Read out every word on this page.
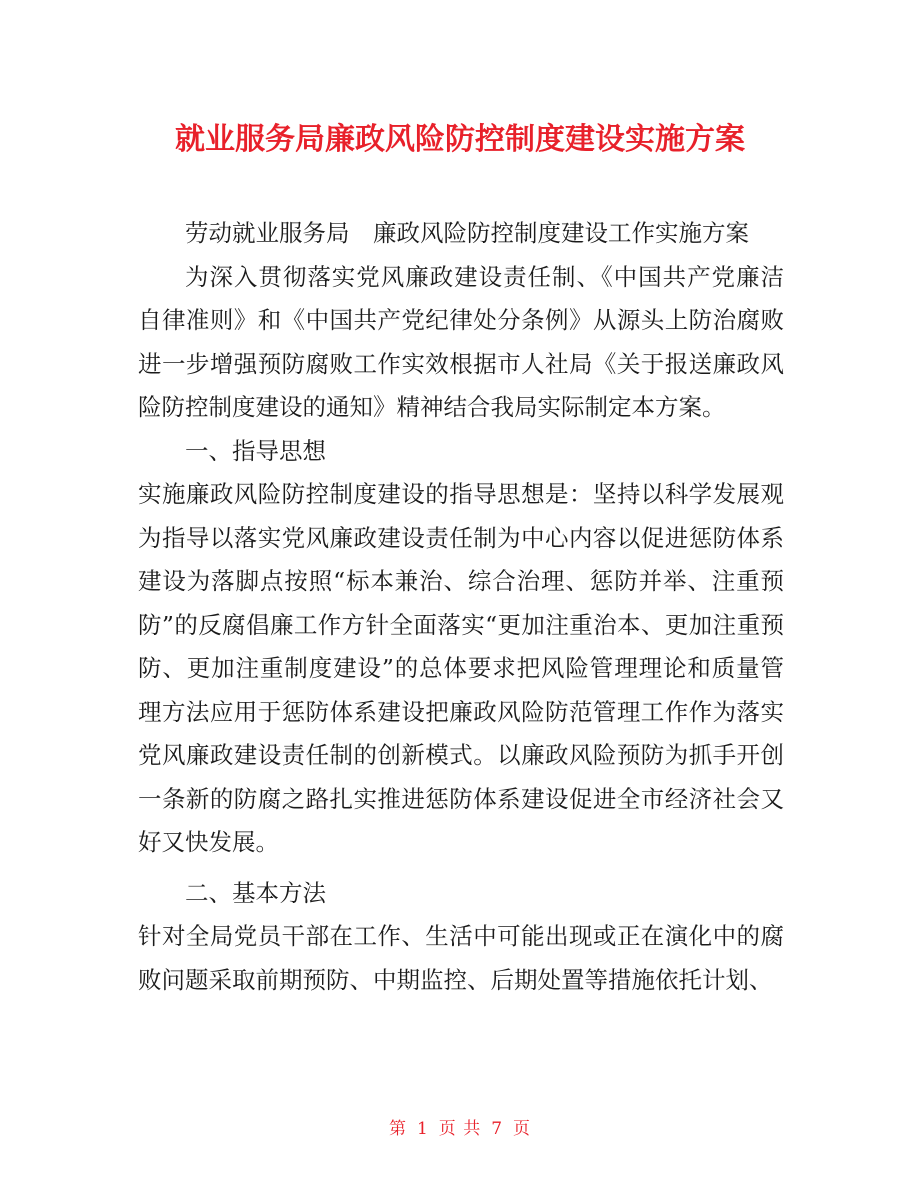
就业服务局廉政风险防控制度建设实施方案

劳动就业服务局　廉政风险防控制度建设工作实施方案

为深入贯彻落实党风廉政建设责任制、《中国共产党廉洁自律准则》和《中国共产党纪律处分条例》从源头上防治腐败进一步增强预防腐败工作实效根据市人社局《关于报送廉政风险防控制度建设的通知》精神结合我局实际制定本方案。

一、指导思想

实施廉政风险防控制度建设的指导思想是：坚持以科学发展观为指导以落实党风廉政建设责任制为中心内容以促进惩防体系建设为落脚点按照“标本兼治、综合治理、惩防并举、注重预防”的反腐倡廉工作方针全面落实“更加注重治本、更加注重预防、更加注重制度建设”的总体要求把风险管理理论和质量管理方法应用于惩防体系建设把廉政风险防范管理工作作为落实党风廉政建设责任制的创新模式。以廉政风险预防为抓手开创一条新的防腐之路扎实推进惩防体系建设促进全市经济社会又好又快发展。

二、基本方法

针对全局党员干部在工作、生活中可能出现或正在演化中的腐败问题采取前期预防、中期监控、后期处置等措施依托计划、

第 1 页 共 7 页
